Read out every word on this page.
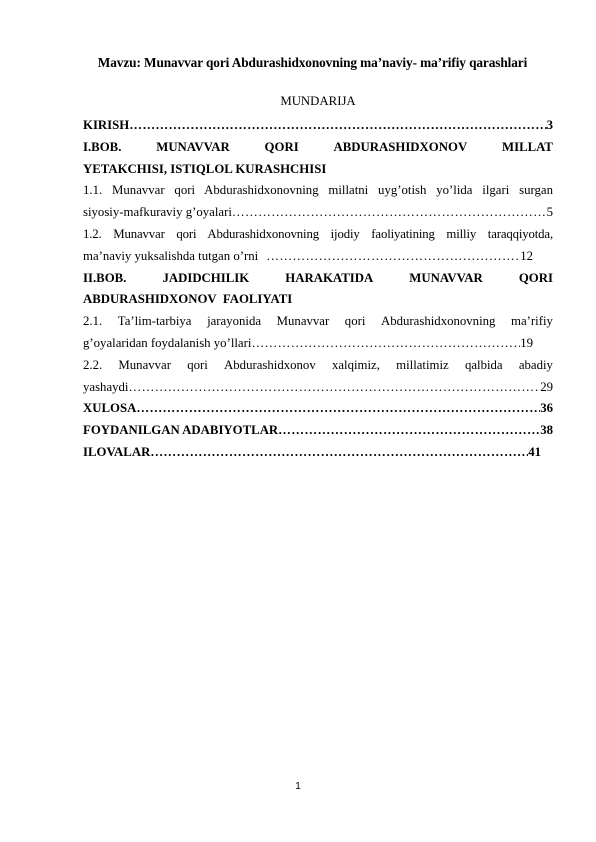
Mavzu: Munavvar qori Abdurashidxonovning ma’naviy- ma’rifiy qarashlari
MUNDARIJA
KIRISH …………………………………………………………………………………………………………………………………………………	3
I.BOB.	MUNAVVAR	QORI	ABDURASHIDXONOV	MILLAT
YETAKCHISI, ISTIQLOL KURASHCHISI
1.1. Munavvar qori Abdurashidxonovning millatni uyg’otish yo’lida ilgari surgan
siyosiy-mafkuraviy g’oyalari …………………………………………………………………………………………………………………………………………………	5
1.2. Munavvar qori Abdurashidxonovning ijodiy faoliyatining milliy taraqqiyotda,
ma’naviy yuksalishda tutgan o’rni …………………………………………………………………………………………………………………………………………………	12
II.BOB.	JADIDCHILIK	HARAKATIDA	MUNAVVAR	QORI
ABDURASHIDXONOV  FAOLIYATI
2.1. Ta’lim-tarbiya jarayonida Munavvar qori Abdurashidxonovning ma’rifiy
g’oyalaridan foydalanish yo’llari …………………………………………………………………………………………………………………………………………………	19
2.2. Munavvar qori Abdurashidxonov xalqimiz, millatimiz qalbida abadiy
yashaydi …………………………………………………………………………………………………………………………………………………	29
XULOSA …………………………………………………………………………………………………………………………………………………	36
FOYDANILGAN ADABIYOTLAR …………………………………………………………………………………………………………………………………………………	38
ILOVALAR …………………………………………………………………………………………………………………………………………………	41
1
